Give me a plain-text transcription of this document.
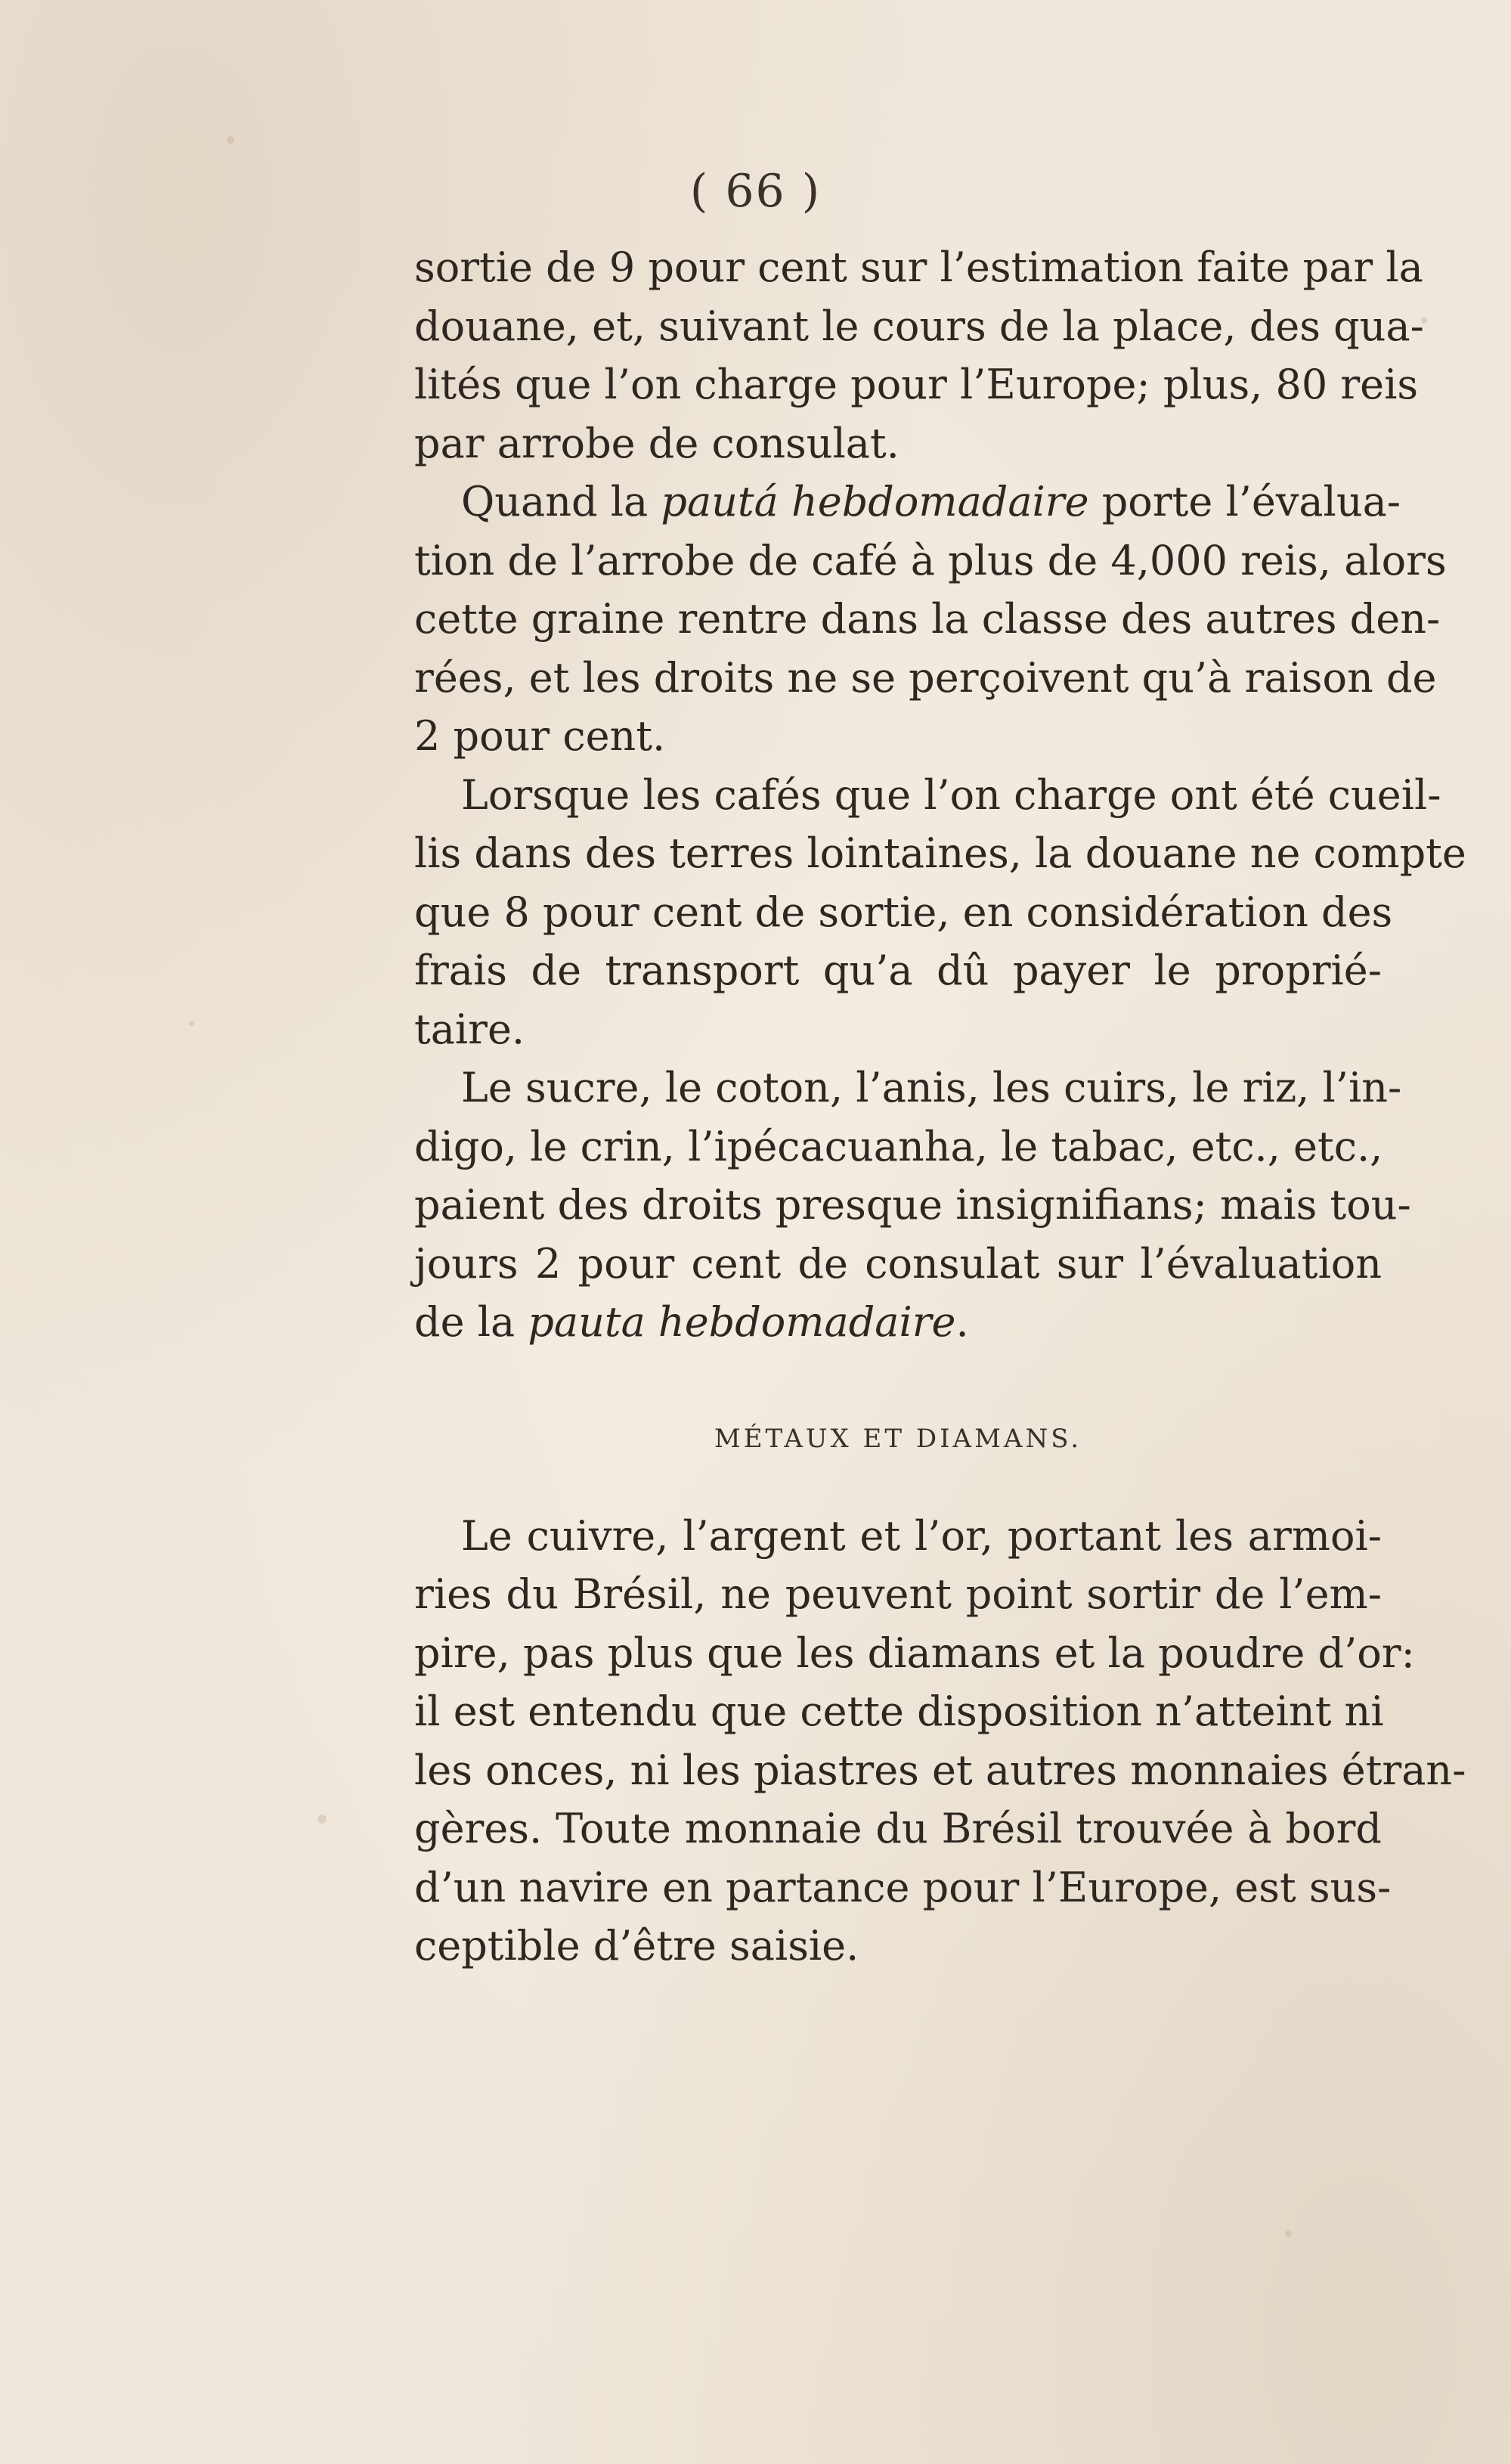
( 66 )
sortie de 9 pour cent sur l’estimation faite par la
douane, et, suivant le cours de la place, des qua-
lités que l’on charge pour l’Europe; plus, 80 reis
par arrobe de consulat.
Quand la pautá hebdomadaire porte l’évalua-
tion de l’arrobe de café à plus de 4,000 reis, alors
cette graine rentre dans la classe des autres den-
rées, et les droits ne se perçoivent qu’à raison de
2 pour cent.
Lorsque les cafés que l’on charge ont été cueil-
lis dans des terres lointaines, la douane ne compte
que 8 pour cent de sortie, en considération des
frais de transport qu’a dû payer le proprié-
taire.
Le sucre, le coton, l’anis, les cuirs, le riz, l’in-
digo, le crin, l’ipécacuanha, le tabac, etc., etc.,
paient des droits presque insignifians; mais tou-
jours 2 pour cent de consulat sur l’évaluation
de la pauta hebdomadaire.
MÉTAUX ET DIAMANS.
Le cuivre, l’argent et l’or, portant les armoi-
ries du Brésil, ne peuvent point sortir de l’em-
pire, pas plus que les diamans et la poudre d’or:
il est entendu que cette disposition n’atteint ni
les onces, ni les piastres et autres monnaies étran-
gères. Toute monnaie du Brésil trouvée à bord
d’un navire en partance pour l’Europe, est sus-
ceptible d’être saisie.
